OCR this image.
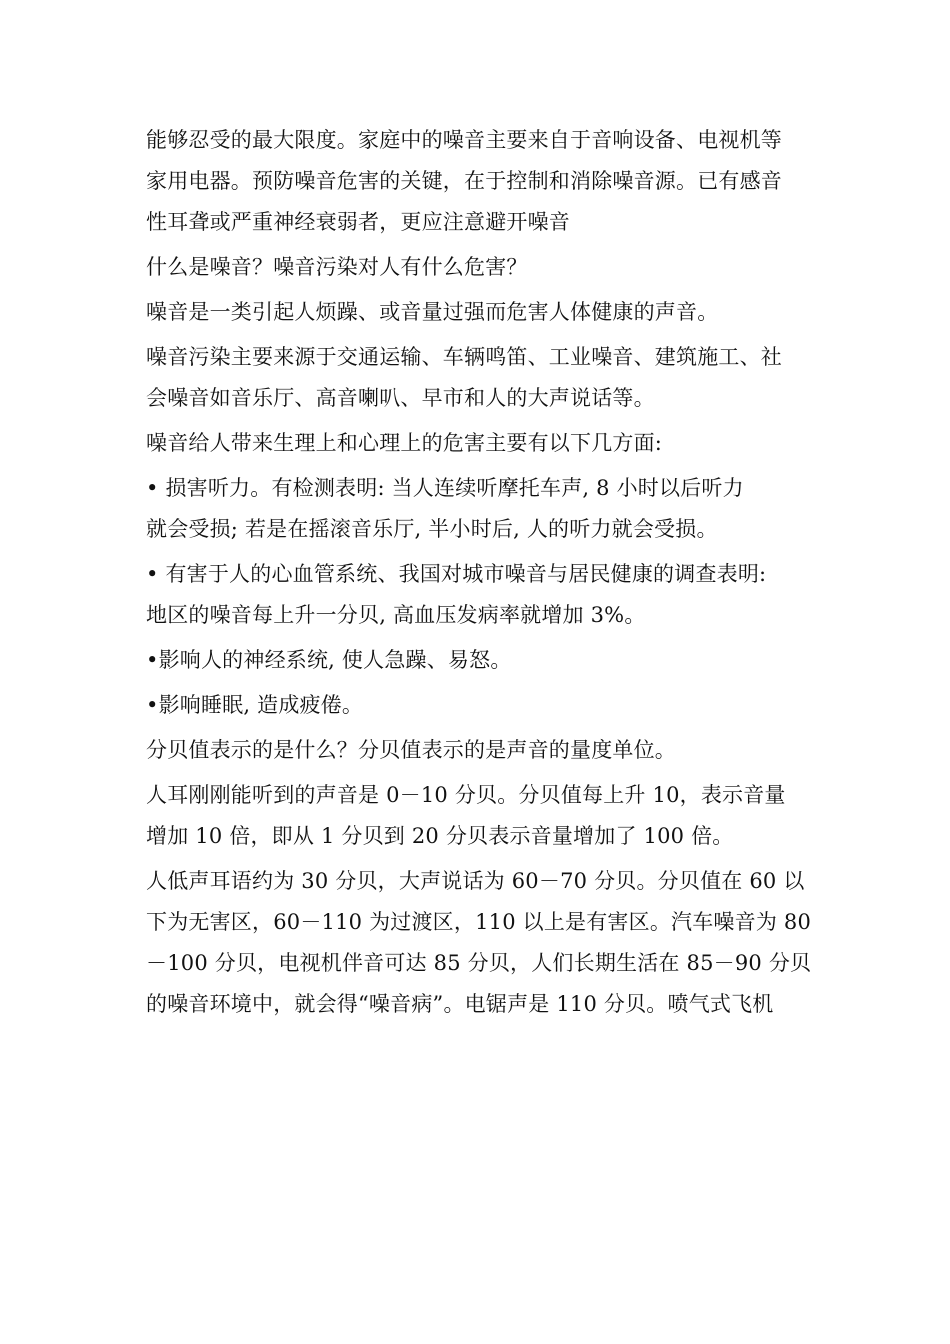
能够忍受的最大限度。家庭中的噪音主要来自于音响设备、电视机等
家用电器。预防噪音危害的关键，在于控制和消除噪音源。已有感音
性耳聋或严重神经衰弱者，更应注意避开噪音
什么是噪音？噪音污染对人有什么危害？
噪音是一类引起人烦躁、或音量过强而危害人体健康的声音。
噪音污染主要来源于交通运输、车辆鸣笛、工业噪音、建筑施工、社
会噪音如音乐厅、高音喇叭、早市和人的大声说话等。
噪音给人带来生理上和心理上的危害主要有以下几方面:
• 损害听力。有检测表明: 当人连续听摩托车声, 8 小时以后听力
就会受损; 若是在摇滚音乐厅, 半小时后, 人的听力就会受损。
• 有害于人的心血管系统、我国对城市噪音与居民健康的调查表明:
地区的噪音每上升一分贝, 高血压发病率就增加 3%。
•影响人的神经系统, 使人急躁、易怒。
•影响睡眠, 造成疲倦。
分贝值表示的是什么？分贝值表示的是声音的量度单位。
人耳刚刚能听到的声音是 0－10 分贝。分贝值每上升 10，表示音量
增加 10 倍，即从 1 分贝到 20 分贝表示音量增加了 100 倍。
人低声耳语约为 30 分贝，大声说话为 60－70 分贝。分贝值在 60 以
下为无害区，60－110 为过渡区，110 以上是有害区。汽车噪音为 80
－100 分贝，电视机伴音可达 85 分贝，人们长期生活在 85－90 分贝
的噪音环境中，就会得“噪音病”。电锯声是 110 分贝。喷气式飞机
